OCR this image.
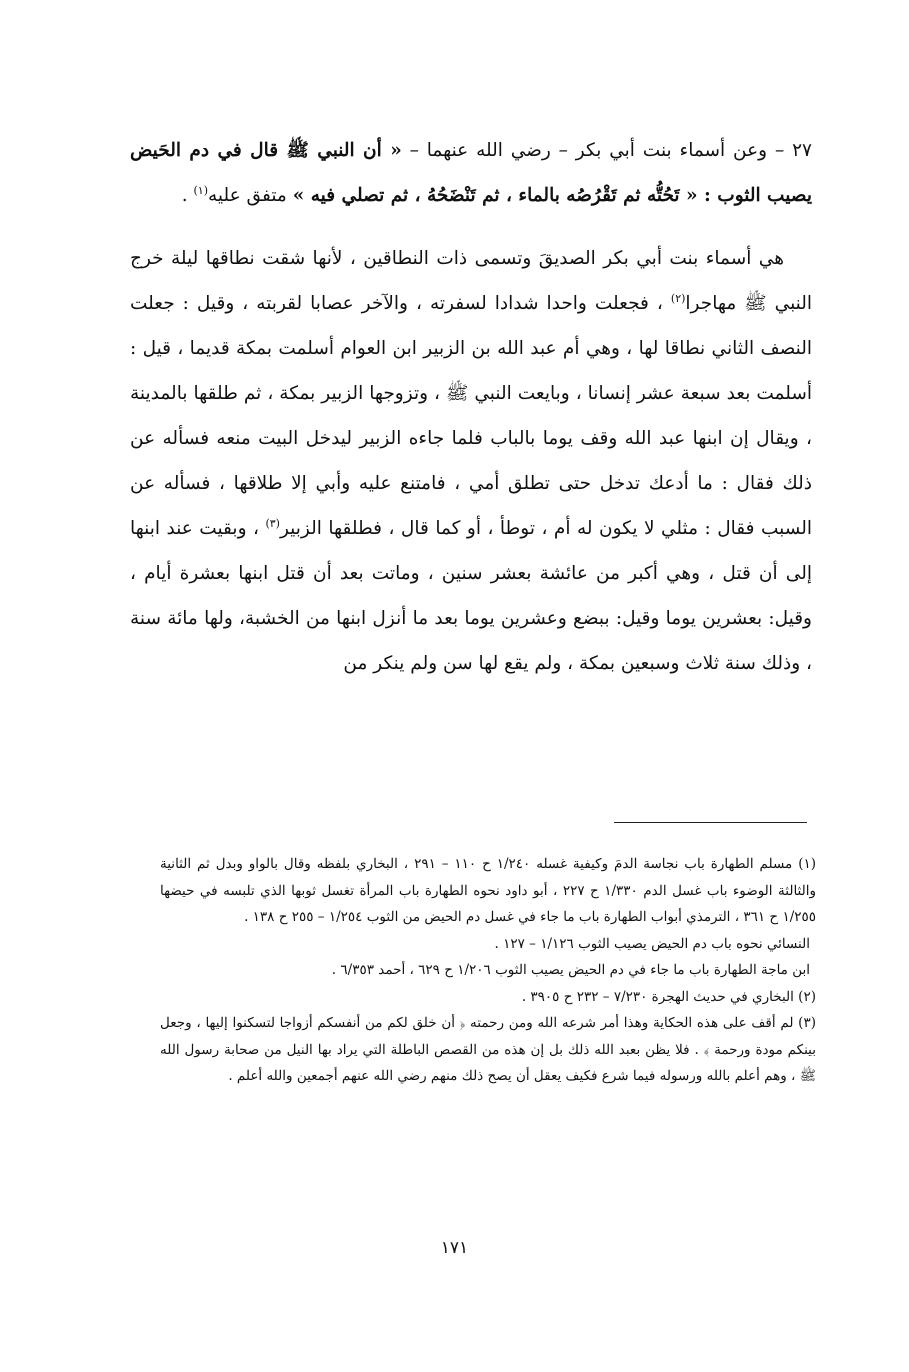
٢٧ – وعن أسماء بنت أبي بكر – رضي الله عنهما – « أن النبي ﷺ قال في دم الحَيض يصيب الثوب : « تَحُتُّه ثم تَقْرُصُه بالماء ، ثم تَنْضَحُهُ ، ثم تصلي فيه » متفق عليه$^{(١)}$ .

هي أسماء بنت أبي بكر الصديقَ وتسمى ذات النطاقين ، لأنها شقت نطاقها ليلة خرج النبي ﷺ مهاجرا$^{(٢)}$ ، فجعلت واحدا شدادا لسفرته ، والآخر عصابا لقربته ، وقيل : جعلت النصف الثاني نطاقا لها ، وهي أم عبد الله بن الزبير ابن العوام أسلمت بمكة قديما ، قيل : أسلمت بعد سبعة عشر إنسانا ، وبايعت النبي ﷺ ، وتزوجها الزبير بمكة ، ثم طلقها بالمدينة ، ويقال إن ابنها عبد الله وقف يوما بالباب فلما جاءه الزبير ليدخل البيت منعه فسأله عن ذلك فقال : ما أدعك تدخل حتى تطلق أمي ، فامتنع عليه وأبي إلا طلاقها ، فسأله عن السبب فقال : مثلي لا يكون له أم ، توطأ ، أو كما قال ، فطلقها الزبير$^{(٣)}$ ، وبقيت عند ابنها إلى أن قتل ، وهي أكبر من عائشة بعشر سنين ، وماتت بعد أن قتل ابنها بعشرة أيام ، وقيل: بعشرين يوما وقيل: ببضع وعشرين يوما بعد ما أنزل ابنها من الخشبة، ولها مائة سنة ، وذلك سنة ثلاث وسبعين بمكة ، ولم يقع لها سن ولم ينكر من

(١) مسلم الطهارة باب نجاسة الدمَ وكيفية غسله ١/٢٤٠ ح ١١٠ – ٢٩١ ، البخاري بلفظه وقال بالواو وبدل ثم الثانية والثالثة الوضوء باب غسل الدم ١/٣٣٠ ح ٢٢٧ ، أبو داود نحوه الطهارة باب المرأة تغسل ثوبها الذي تلبسه في حيضها ١/٢٥٥ ح ٣٦١ ، الترمذي أبواب الطهارة باب ما جاء في غسل دم الحيض من الثوب ١/٢٥٤ – ٢٥٥ ح ١٣٨ .

النسائي نحوه باب دم الحيض يصيب الثوب ١/١٢٦ – ١٢٧ .

ابن ماجة الطهارة باب ما جاء في دم الحيض يصيب الثوب ١/٢٠٦ ح ٦٢٩ ، أحمد ٦/٣٥٣ .

(٢) البخاري في حديث الهجرة ٧/٢٣٠ – ٢٣٢ ح ٣٩٠٥ .

(٣) لم أقف على هذه الحكاية وهذا أمر شرعه الله ومن رحمته ﴿ أن خلق لكم من أنفسكم أزواجا لتسكنوا إليها ، وجعل بينكم مودة ورحمة ﴾ . فلا يظن بعبد الله ذلك بل إن هذه من القصص الباطلة التي يراد بها النيل من صحابة رسول الله ﷺ ، وهم أعلم بالله ورسوله فيما شرع فكيف يعقل أن يصح ذلك منهم رضي الله عنهم أجمعين والله أعلم .

١٧١
